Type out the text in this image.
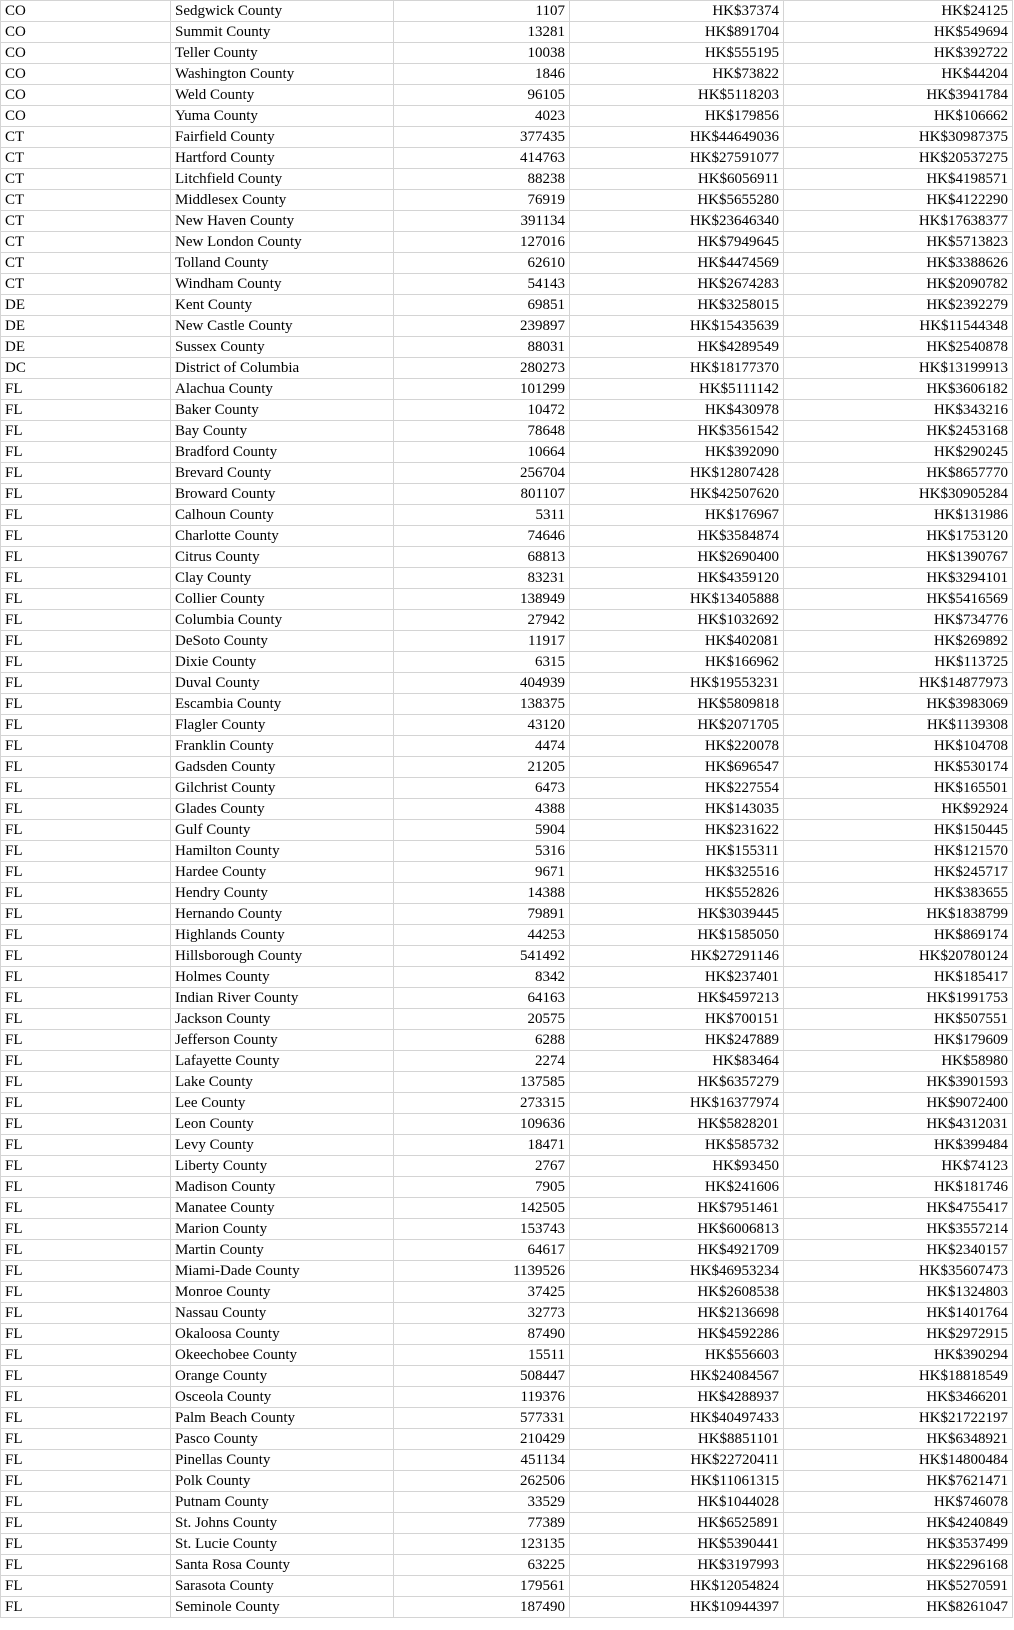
CO	Sedgwick County	1107	HK$37374	HK$24125
CO	Summit County	13281	HK$891704	HK$549694
CO	Teller County	10038	HK$555195	HK$392722
CO	Washington County	1846	HK$73822	HK$44204
CO	Weld County	96105	HK$5118203	HK$3941784
CO	Yuma County	4023	HK$179856	HK$106662
CT	Fairfield County	377435	HK$44649036	HK$30987375
CT	Hartford County	414763	HK$27591077	HK$20537275
CT	Litchfield County	88238	HK$6056911	HK$4198571
CT	Middlesex County	76919	HK$5655280	HK$4122290
CT	New Haven County	391134	HK$23646340	HK$17638377
CT	New London County	127016	HK$7949645	HK$5713823
CT	Tolland County	62610	HK$4474569	HK$3388626
CT	Windham County	54143	HK$2674283	HK$2090782
DE	Kent County	69851	HK$3258015	HK$2392279
DE	New Castle County	239897	HK$15435639	HK$11544348
DE	Sussex County	88031	HK$4289549	HK$2540878
DC	District of Columbia	280273	HK$18177370	HK$13199913
FL	Alachua County	101299	HK$5111142	HK$3606182
FL	Baker County	10472	HK$430978	HK$343216
FL	Bay County	78648	HK$3561542	HK$2453168
FL	Bradford County	10664	HK$392090	HK$290245
FL	Brevard County	256704	HK$12807428	HK$8657770
FL	Broward County	801107	HK$42507620	HK$30905284
FL	Calhoun County	5311	HK$176967	HK$131986
FL	Charlotte County	74646	HK$3584874	HK$1753120
FL	Citrus County	68813	HK$2690400	HK$1390767
FL	Clay County	83231	HK$4359120	HK$3294101
FL	Collier County	138949	HK$13405888	HK$5416569
FL	Columbia County	27942	HK$1032692	HK$734776
FL	DeSoto County	11917	HK$402081	HK$269892
FL	Dixie County	6315	HK$166962	HK$113725
FL	Duval County	404939	HK$19553231	HK$14877973
FL	Escambia County	138375	HK$5809818	HK$3983069
FL	Flagler County	43120	HK$2071705	HK$1139308
FL	Franklin County	4474	HK$220078	HK$104708
FL	Gadsden County	21205	HK$696547	HK$530174
FL	Gilchrist County	6473	HK$227554	HK$165501
FL	Glades County	4388	HK$143035	HK$92924
FL	Gulf County	5904	HK$231622	HK$150445
FL	Hamilton County	5316	HK$155311	HK$121570
FL	Hardee County	9671	HK$325516	HK$245717
FL	Hendry County	14388	HK$552826	HK$383655
FL	Hernando County	79891	HK$3039445	HK$1838799
FL	Highlands County	44253	HK$1585050	HK$869174
FL	Hillsborough County	541492	HK$27291146	HK$20780124
FL	Holmes County	8342	HK$237401	HK$185417
FL	Indian River County	64163	HK$4597213	HK$1991753
FL	Jackson County	20575	HK$700151	HK$507551
FL	Jefferson County	6288	HK$247889	HK$179609
FL	Lafayette County	2274	HK$83464	HK$58980
FL	Lake County	137585	HK$6357279	HK$3901593
FL	Lee County	273315	HK$16377974	HK$9072400
FL	Leon County	109636	HK$5828201	HK$4312031
FL	Levy County	18471	HK$585732	HK$399484
FL	Liberty County	2767	HK$93450	HK$74123
FL	Madison County	7905	HK$241606	HK$181746
FL	Manatee County	142505	HK$7951461	HK$4755417
FL	Marion County	153743	HK$6006813	HK$3557214
FL	Martin County	64617	HK$4921709	HK$2340157
FL	Miami-Dade County	1139526	HK$46953234	HK$35607473
FL	Monroe County	37425	HK$2608538	HK$1324803
FL	Nassau County	32773	HK$2136698	HK$1401764
FL	Okaloosa County	87490	HK$4592286	HK$2972915
FL	Okeechobee County	15511	HK$556603	HK$390294
FL	Orange County	508447	HK$24084567	HK$18818549
FL	Osceola County	119376	HK$4288937	HK$3466201
FL	Palm Beach County	577331	HK$40497433	HK$21722197
FL	Pasco County	210429	HK$8851101	HK$6348921
FL	Pinellas County	451134	HK$22720411	HK$14800484
FL	Polk County	262506	HK$11061315	HK$7621471
FL	Putnam County	33529	HK$1044028	HK$746078
FL	St. Johns County	77389	HK$6525891	HK$4240849
FL	St. Lucie County	123135	HK$5390441	HK$3537499
FL	Santa Rosa County	63225	HK$3197993	HK$2296168
FL	Sarasota County	179561	HK$12054824	HK$5270591
FL	Seminole County	187490	HK$10944397	HK$8261047
